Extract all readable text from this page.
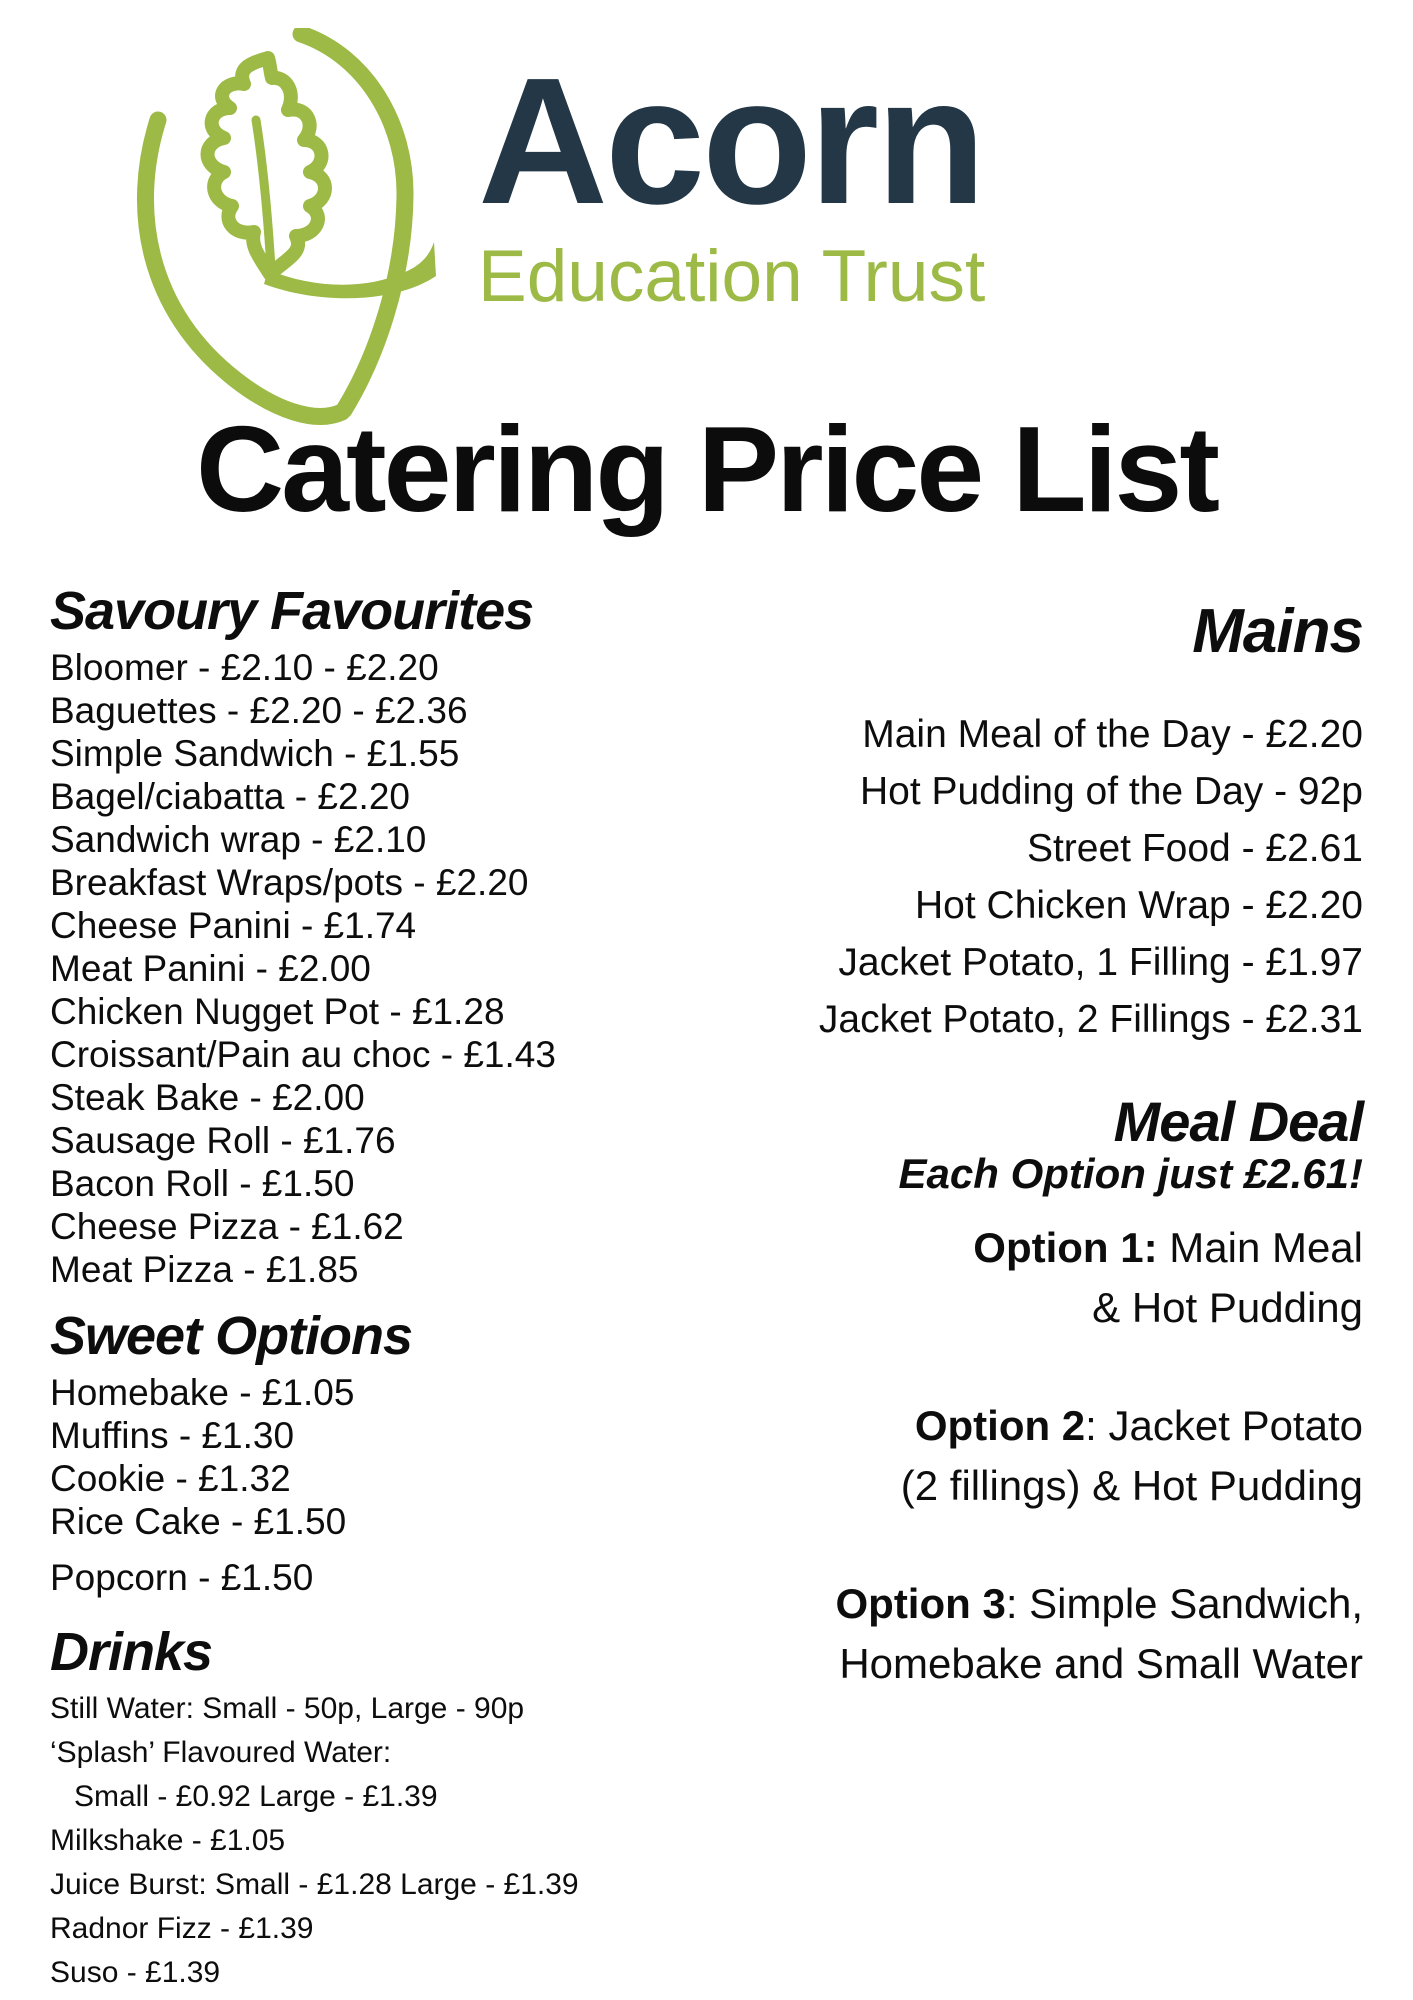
Acorn
Education Trust
Catering Price List
Savoury Favourites
Bloomer - £2.10 - £2.20
Baguettes - £2.20 - £2.36
Simple Sandwich - £1.55
Bagel/ciabatta - £2.20
Sandwich wrap - £2.10
Breakfast Wraps/pots - £2.20
Cheese Panini - £1.74
Meat Panini - £2.00
Chicken Nugget Pot - £1.28
Croissant/Pain au choc - £1.43
Steak Bake - £2.00
Sausage Roll - £1.76
Bacon Roll - £1.50
Cheese Pizza - £1.62
Meat Pizza - £1.85
Sweet Options
Homebake - £1.05
Muffins - £1.30
Cookie - £1.32
Rice Cake - £1.50
Popcorn - £1.50
Drinks
Still Water: Small - 50p, Large - 90p
‘Splash’ Flavoured Water:
Small - £0.92 Large - £1.39
Milkshake - £1.05
Juice Burst: Small - £1.28 Large - £1.39
Radnor Fizz - £1.39
Suso - £1.39
Mains
Main Meal of the Day - £2.20
Hot Pudding of the Day - 92p
Street Food - £2.61
Hot Chicken Wrap - £2.20
Jacket Potato, 1 Filling - £1.97
Jacket Potato, 2 Fillings - £2.31
Meal Deal
Each Option just £2.61!
Option 1: Main Meal
& Hot Pudding
Option 2: Jacket Potato
(2 fillings) & Hot Pudding
Option 3: Simple Sandwich,
Homebake and Small Water
